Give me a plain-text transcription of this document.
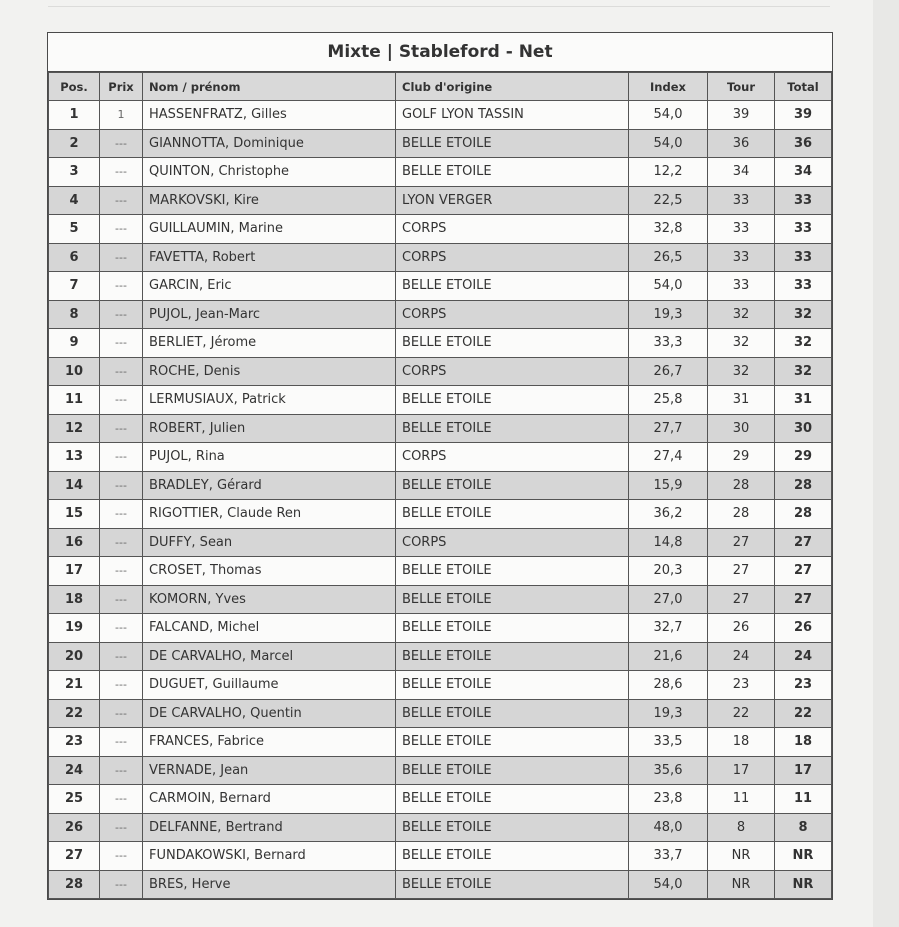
Mixte | Stableford - Net
Pos.	Prix	Nom / prénom	Club d'origine	Index	Tour	Total
1	1	HASSENFRATZ, Gilles	GOLF LYON TASSIN	54,0	39	39
2	---	GIANNOTTA, Dominique	BELLE ETOILE	54,0	36	36
3	---	QUINTON, Christophe	BELLE ETOILE	12,2	34	34
4	---	MARKOVSKI, Kire	LYON VERGER	22,5	33	33
5	---	GUILLAUMIN, Marine	CORPS	32,8	33	33
6	---	FAVETTA, Robert	CORPS	26,5	33	33
7	---	GARCIN, Eric	BELLE ETOILE	54,0	33	33
8	---	PUJOL, Jean-Marc	CORPS	19,3	32	32
9	---	BERLIET, Jérome	BELLE ETOILE	33,3	32	32
10	---	ROCHE, Denis	CORPS	26,7	32	32
11	---	LERMUSIAUX, Patrick	BELLE ETOILE	25,8	31	31
12	---	ROBERT, Julien	BELLE ETOILE	27,7	30	30
13	---	PUJOL, Rina	CORPS	27,4	29	29
14	---	BRADLEY, Gérard	BELLE ETOILE	15,9	28	28
15	---	RIGOTTIER, Claude Ren	BELLE ETOILE	36,2	28	28
16	---	DUFFY, Sean	CORPS	14,8	27	27
17	---	CROSET, Thomas	BELLE ETOILE	20,3	27	27
18	---	KOMORN, Yves	BELLE ETOILE	27,0	27	27
19	---	FALCAND, Michel	BELLE ETOILE	32,7	26	26
20	---	DE CARVALHO, Marcel	BELLE ETOILE	21,6	24	24
21	---	DUGUET, Guillaume	BELLE ETOILE	28,6	23	23
22	---	DE CARVALHO, Quentin	BELLE ETOILE	19,3	22	22
23	---	FRANCES, Fabrice	BELLE ETOILE	33,5	18	18
24	---	VERNADE, Jean	BELLE ETOILE	35,6	17	17
25	---	CARMOIN, Bernard	BELLE ETOILE	23,8	11	11
26	---	DELFANNE, Bertrand	BELLE ETOILE	48,0	8	8
27	---	FUNDAKOWSKI, Bernard	BELLE ETOILE	33,7	NR	NR
28	---	BRES, Herve	BELLE ETOILE	54,0	NR	NR
